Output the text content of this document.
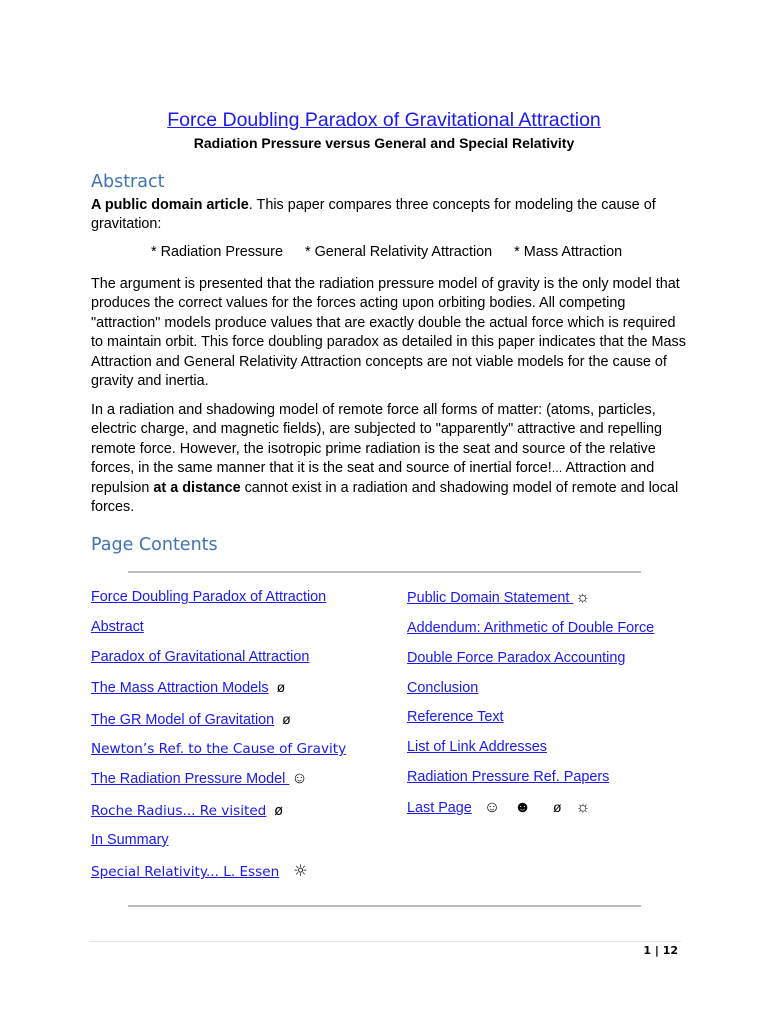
Force Doubling Paradox of Gravitational Attraction
Radiation Pressure versus General and Special Relativity
Abstract
A public domain article. This paper compares three concepts for modeling the cause of gravitation:
* Radiation Pressure * General Relativity Attraction * Mass Attraction
The argument is presented that the radiation pressure model of gravity is the only model that produces the correct values for the forces acting upon orbiting bodies. All competing "attraction" models produce values that are exactly double the actual force which is required to maintain orbit. This force doubling paradox as detailed in this paper indicates that the Mass Attraction and General Relativity Attraction concepts are not viable models for the cause of gravity and inertia.
In a radiation and shadowing model of remote force all forms of matter: (atoms, particles, electric charge, and magnetic fields), are subjected to "apparently" attractive and repelling remote force. However, the isotropic prime radiation is the seat and source of the relative forces, in the same manner that it is the seat and source of inertial force!... Attraction and repulsion at a distance cannot exist in a radiation and shadowing model of remote and local forces.
Page Contents
Force Doubling Paradox of Attraction
Abstract
Paradox of Gravitational Attraction
The Mass Attraction Models ø
The GR Model of Gravitation ø
Newton’s Ref. to the Cause of Gravity
The Radiation Pressure Model ☺
Roche Radius... Re visited ø
In Summary
Special Relativity... L. Essen ☼
Public Domain Statement ☼
Addendum: Arithmetic of Double Force
Double Force Paradox Accounting
Conclusion
Reference Text
List of Link Addresses
Radiation Pressure Ref. Papers
Last Page ☺ ☻ ø ☼
1 | 12
